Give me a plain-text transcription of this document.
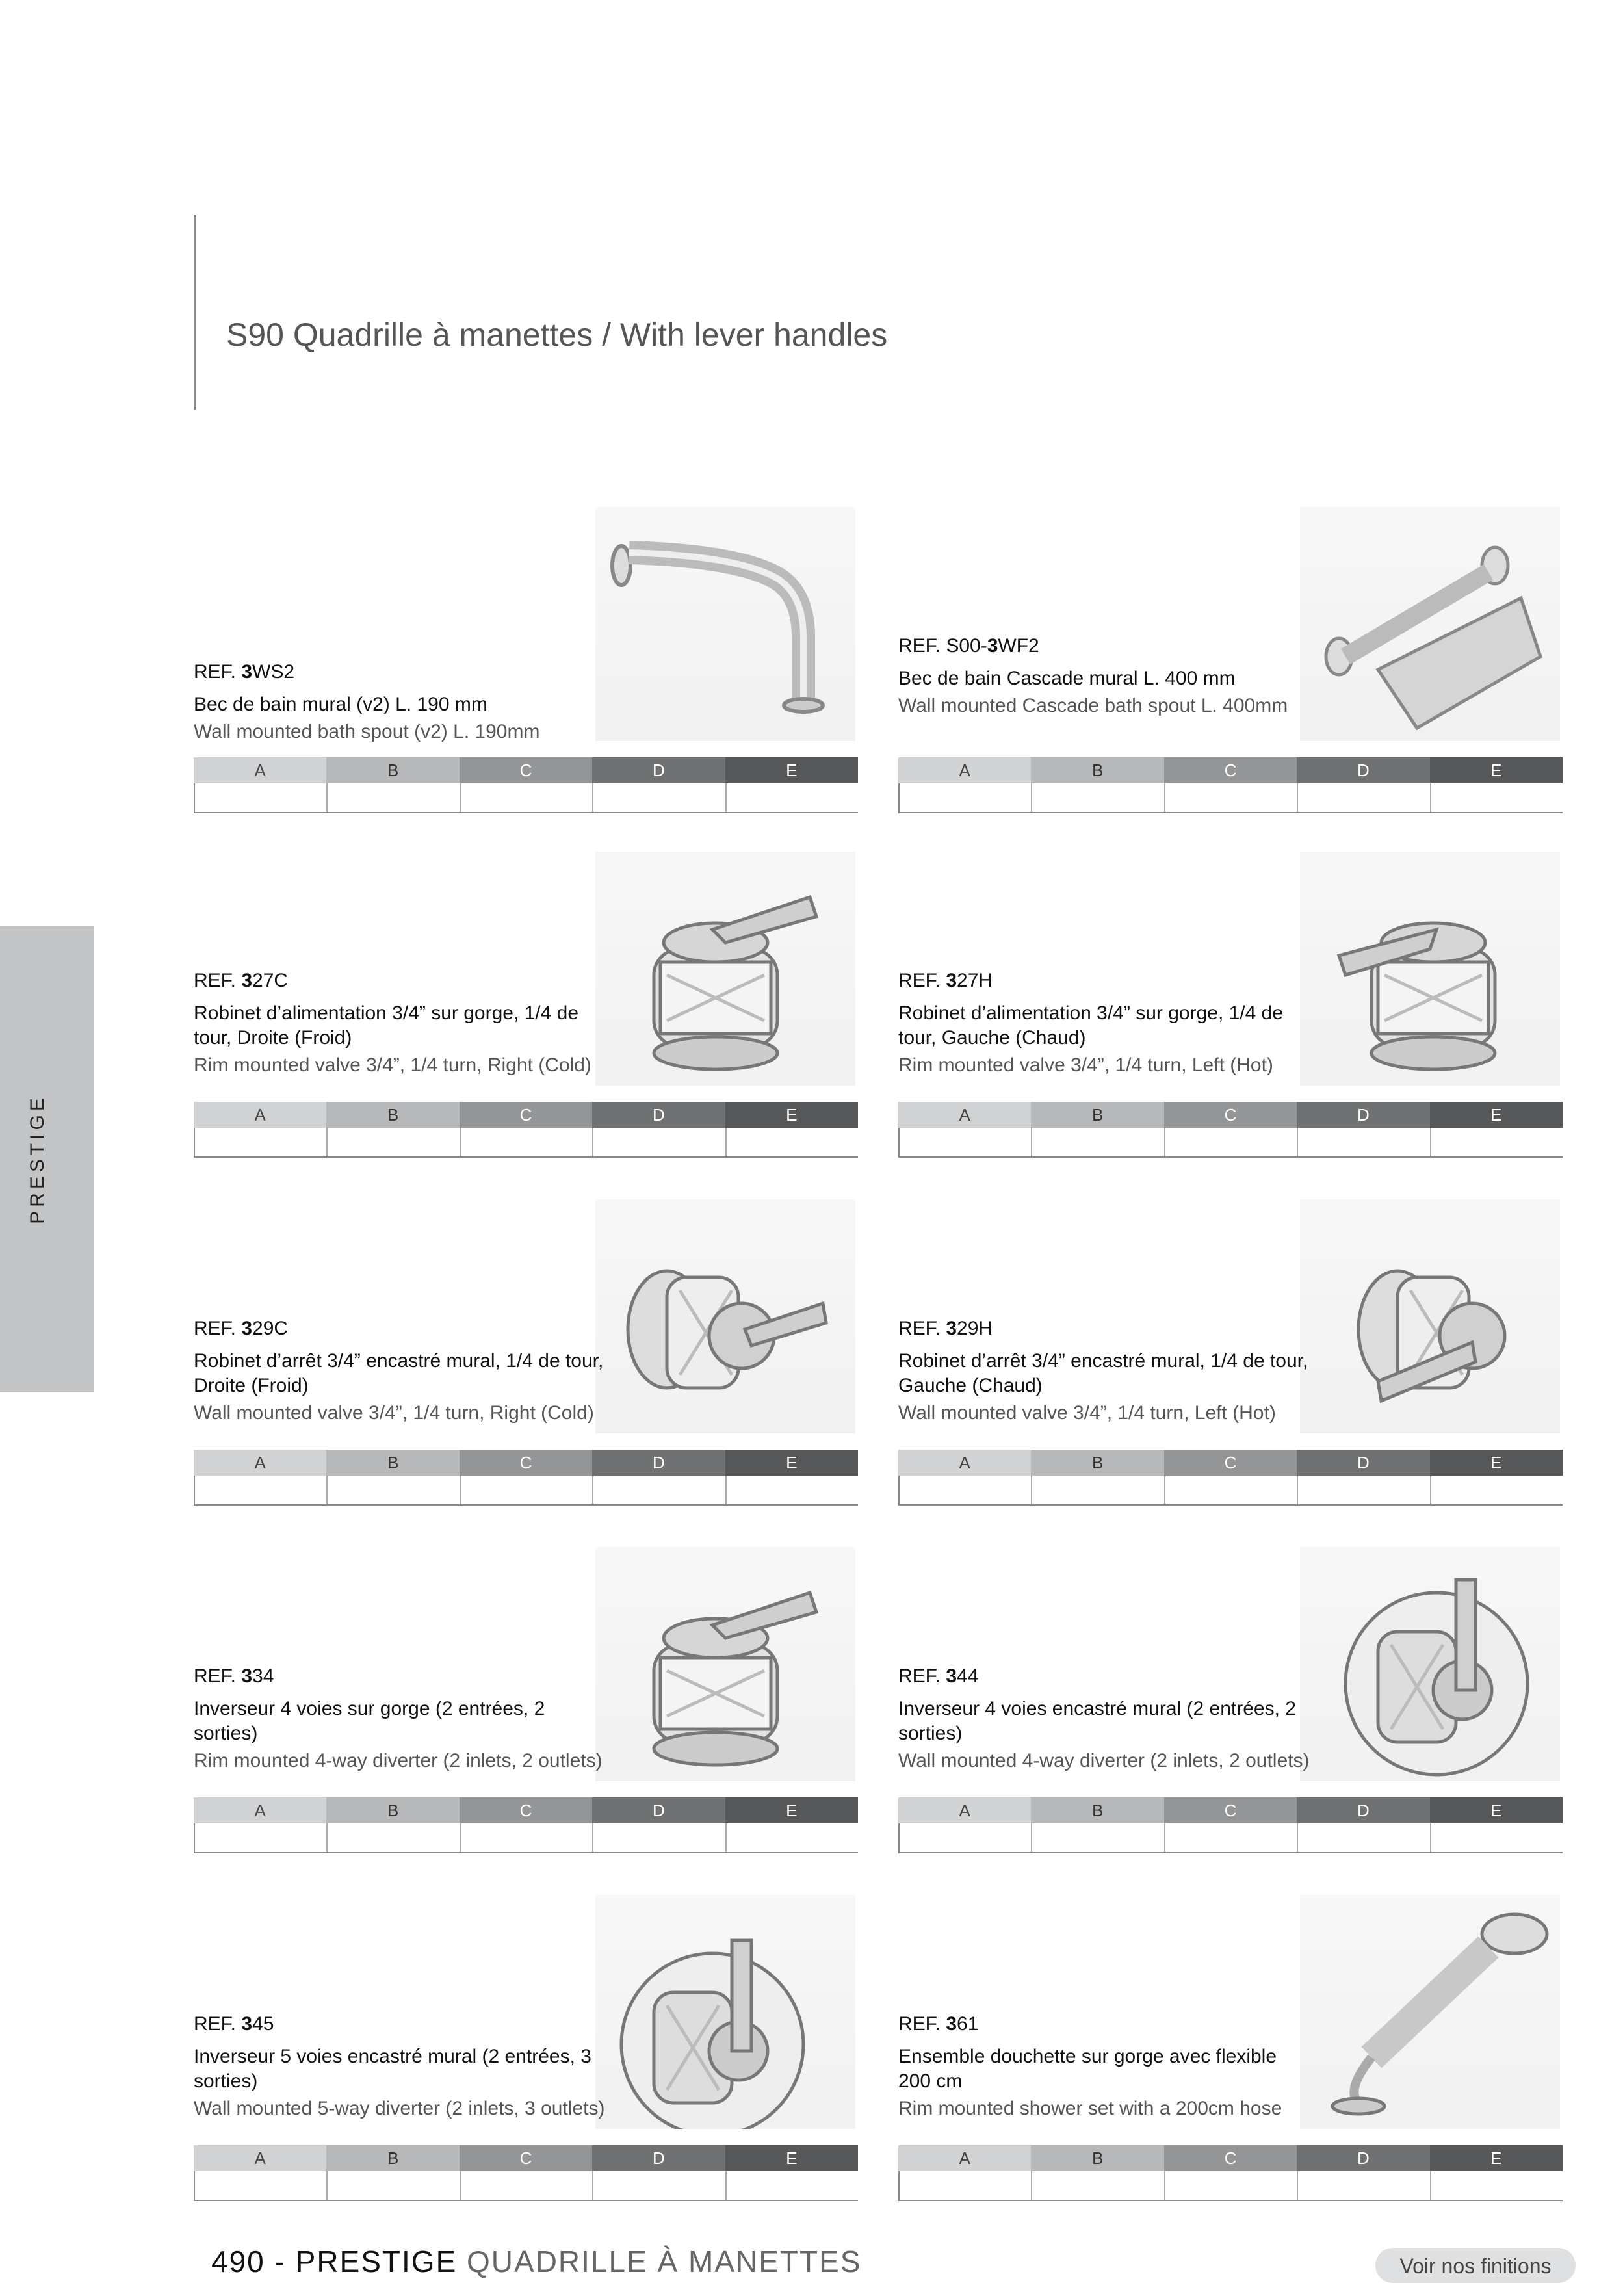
S90 Quadrille à manettes / With lever handles
PRESTIGE

REF. 3WS2

Bec de bain mural (v2) L. 190 mm

Wall mounted bath spout (v2) L. 190mm

A	B	C	D	E

REF. S00-3WF2

Bec de bain Cascade mural L. 400 mm

Wall mounted Cascade bath spout L. 400mm

A	B	C	D	E

REF. 327C

Robinet d’alimentation 3/4” sur gorge, 1/4 de tour, Droite (Froid)

Rim mounted valve 3/4”, 1/4 turn, Right (Cold)

A	B	C	D	E

REF. 327H

Robinet d’alimentation 3/4” sur gorge, 1/4 de tour, Gauche (Chaud)

Rim mounted valve 3/4”, 1/4 turn, Left (Hot)

A	B	C	D	E

REF. 329C

Robinet d’arrêt 3/4” encastré mural, 1/4 de tour, Droite (Froid)

Wall mounted valve 3/4”, 1/4 turn, Right (Cold)

A	B	C	D	E

REF. 329H

Robinet d’arrêt 3/4” encastré mural, 1/4 de tour, Gauche (Chaud)

Wall mounted valve 3/4”, 1/4 turn, Left (Hot)

A	B	C	D	E

REF. 334

Inverseur 4 voies sur gorge (2 entrées, 2 sorties)

Rim mounted 4-way diverter (2 inlets, 2 outlets)

A	B	C	D	E

REF. 344

Inverseur 4 voies encastré mural (2 entrées, 2 sorties)

Wall mounted 4-way diverter (2 inlets, 2 outlets)

A	B	C	D	E

REF. 345

Inverseur 5 voies encastré mural (2 entrées, 3 sorties)

Wall mounted 5-way diverter (2 inlets, 3 outlets)

A	B	C	D	E

REF. 361

Ensemble douchette sur gorge avec flexible 200 cm

Rim mounted shower set with a 200cm hose

A	B	C	D	E
490 - PRESTIGE QUADRILLE À MANETTES	Voir nos finitions
